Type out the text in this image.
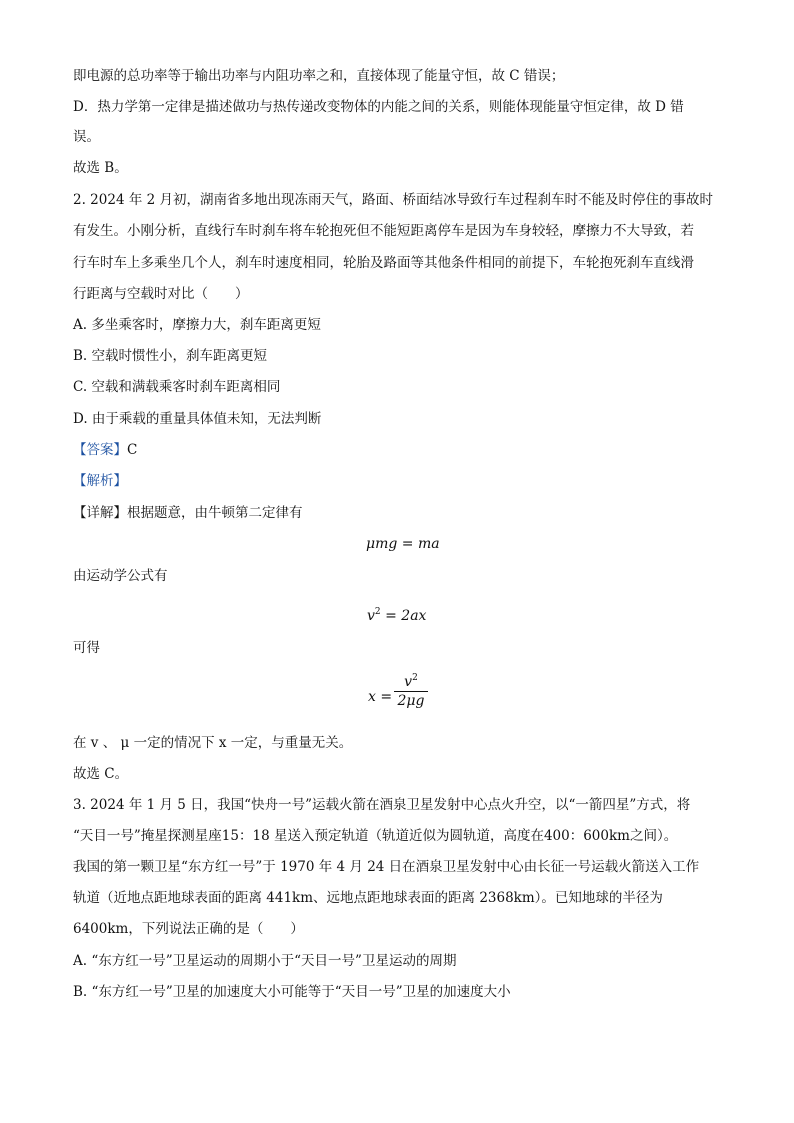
即电源的总功率等于输出功率与内阻功率之和，直接体现了能量守恒，故 C 错误；
D．热力学第一定律是描述做功与热传递改变物体的内能之间的关系，则能体现能量守恒定律，故 D 错
误。
故选 B。
2. 2024 年 2 月初，湖南省多地出现冻雨天气，路面、桥面结冰导致行车过程刹车时不能及时停住的事故时
有发生。小刚分析，直线行车时刹车将车轮抱死但不能短距离停车是因为车身较轻，摩擦力不大导致，若
行车时车上多乘坐几个人，刹车时速度相同，轮胎及路面等其他条件相同的前提下，车轮抱死刹车直线滑
行距离与空载时对比（　　）
A. 多坐乘客时，摩擦力大，刹车距离更短
B. 空载时惯性小，刹车距离更短
C. 空载和满载乘客时刹车距离相同
D. 由于乘载的重量具体值未知，无法判断
【答案】C
【解析】
【详解】根据题意，由牛顿第二定律有
μmg = ma
由运动学公式有
$v^2 = 2ax$
可得
x =
$v^2$
2μg
在 v 、 μ 一定的情况下 x 一定，与重量无关。
故选 C。
3. 2024 年 1 月 5 日，我国“快舟一号”运载火箭在酒泉卫星发射中心点火升空，以“一箭四星”方式，将
“天目一号”掩星探测星座15：18 星送入预定轨道（轨道近似为圆轨道，高度在400：600km之间）。
我国的第一颗卫星“东方红一号”于 1970 年 4 月 24 日在酒泉卫星发射中心由长征一号运载火箭送入工作
轨道（近地点距地球表面的距离 441km、远地点距地球表面的距离 2368km）。已知地球的半径为
6400km，下列说法正确的是（　　）
A. “东方红一号”卫星运动的周期小于“天目一号”卫星运动的周期
B. “东方红一号”卫星的加速度大小可能等于“天目一号”卫星的加速度大小
